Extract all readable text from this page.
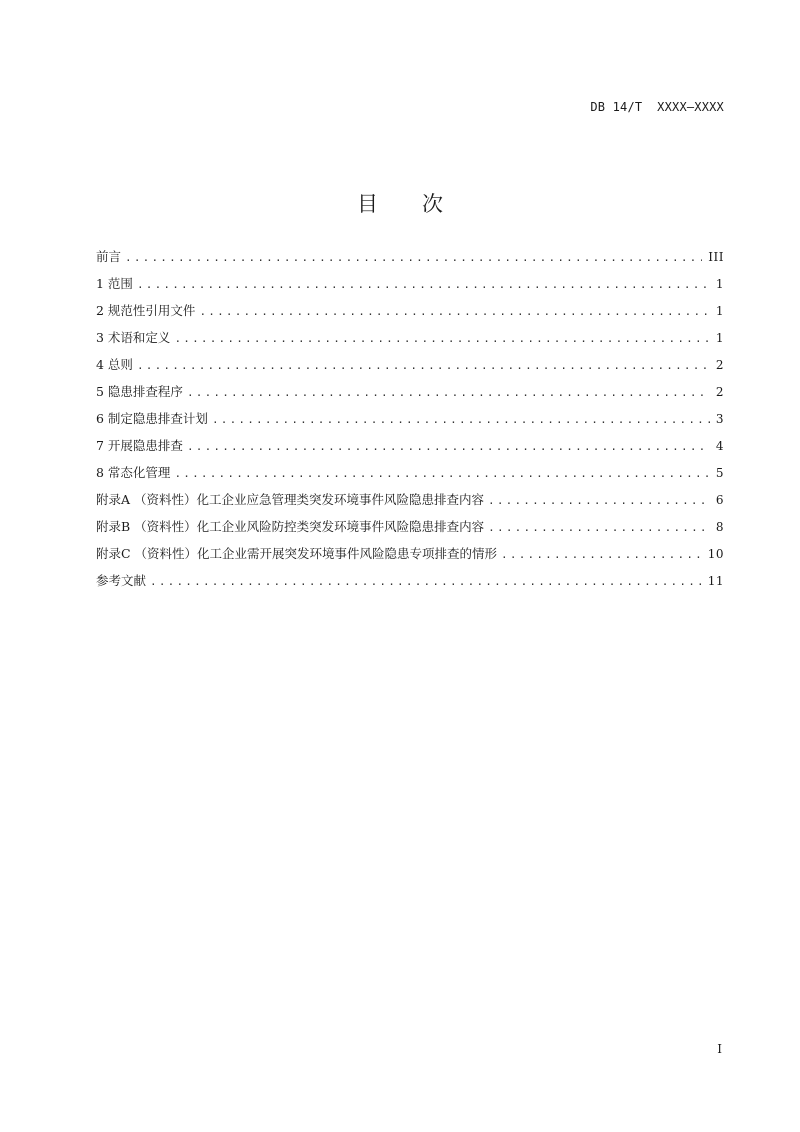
DB 14/T  XXXX—XXXX
目 次
前言 .....	III
1 范围 .....	1
2 规范性引用文件 .....	1
3 术语和定义 .....	1
4 总则 .....	2
5 隐患排查程序 .....	2
6 制定隐患排查计划 .....	3
7 开展隐患排查 .....	4
8 常态化管理 .....	5
附录A （资料性）化工企业应急管理类突发环境事件风险隐患排查内容 .....	6
附录B （资料性）化工企业风险防控类突发环境事件风险隐患排查内容 .....	8
附录C （资料性）化工企业需开展突发环境事件风险隐患专项排查的情形 .....	10
参考文献 .....	11
I
